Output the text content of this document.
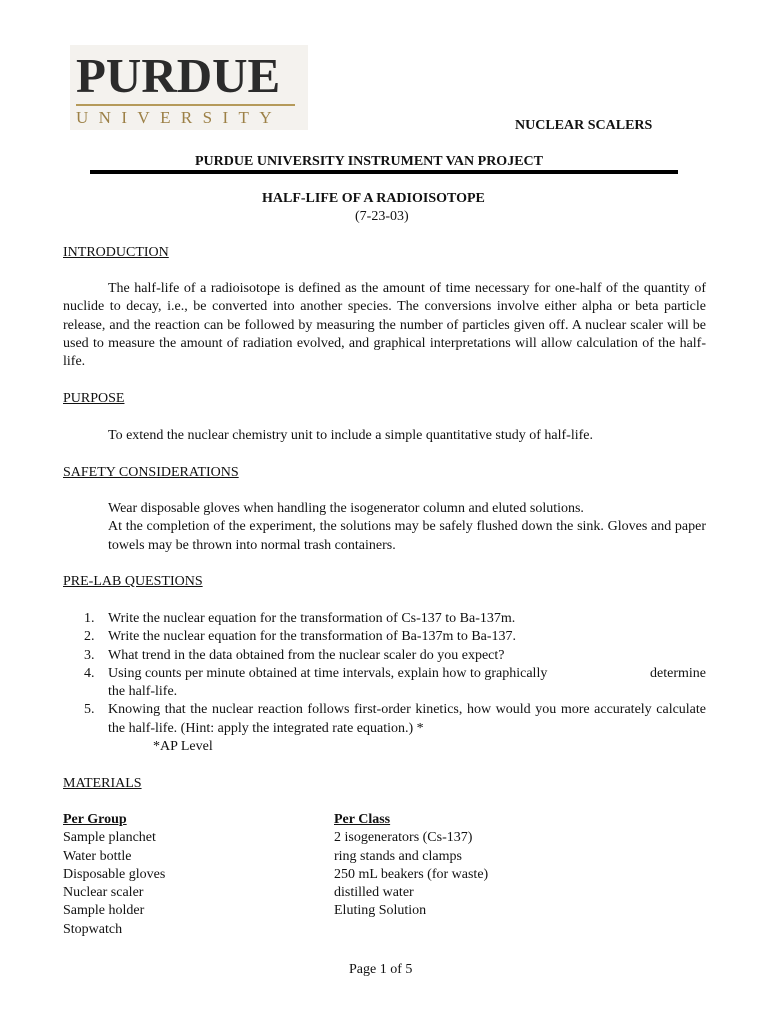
PURDUE
UNIVERSITY	NUCLEAR SCALERS
PURDUE UNIVERSITY INSTRUMENT VAN PROJECT
HALF-LIFE OF A RADIOISOTOPE
(7-23-03)
INTRODUCTION

The half-life of a radioisotope is defined as the amount of time necessary for one-half of the quantity of nuclide to decay, i.e., be converted into another species. The conversions involve either alpha or beta particle release, and the reaction can be followed by measuring the number of particles given off. A nuclear scaler will be used to measure the amount of radiation evolved, and graphical interpretations will allow calculation of the half-life.

PURPOSE

To extend the nuclear chemistry unit to include a simple quantitative study of half-life.

SAFETY CONSIDERATIONS

Wear disposable gloves when handling the isogenerator column and eluted solutions.

At the completion of the experiment, the solutions may be safely flushed down the sink. Gloves and paper towels may be thrown into normal trash containers.

PRE-LAB QUESTIONS
1. Write the nuclear equation for the transformation of Cs-137 to Ba-137m.
2. Write the nuclear equation for the transformation of Ba-137m to Ba-137.
3. What trend in the data obtained from the nuclear scaler do you expect?
4. Using counts per minute obtained at time intervals, explain how to graphically	determine
the half-life.
5. Knowing that the nuclear reaction follows first-order kinetics, how would you more accurately calculate the half-life. (Hint: apply the integrated rate equation.) *
*AP Level
MATERIALS
Per Group
Sample planchet
Water bottle
Disposable gloves
Nuclear scaler
Sample holder
Stopwatch
Per Class
2 isogenerators (Cs-137)
ring stands and clamps
250 mL beakers (for waste)
distilled water
Eluting Solution
Page 1 of 5
